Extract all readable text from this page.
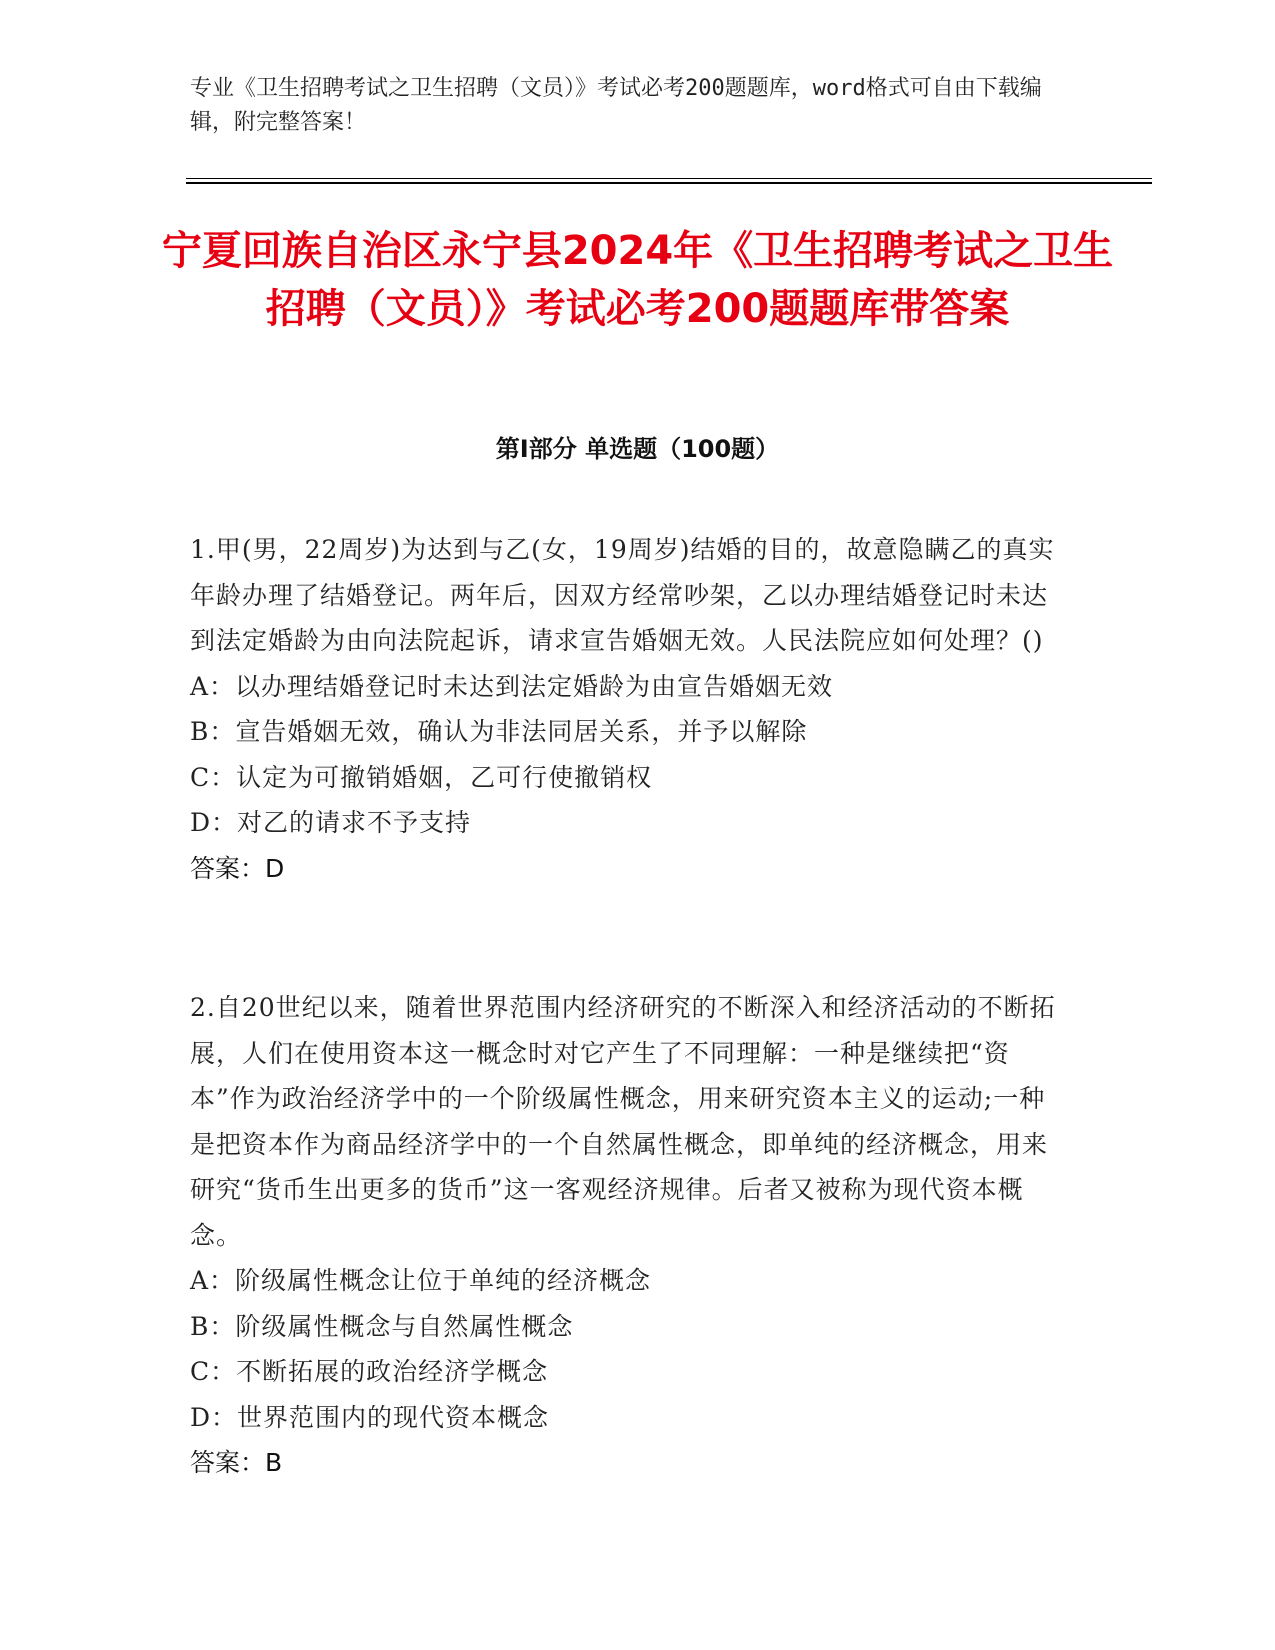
专业《卫生招聘考试之卫生招聘（文员）》考试必考200题题库，word格式可自由下载编辑，附完整答案！
宁夏回族自治区永宁县2024年《卫生招聘考试之卫生招聘（文员）》考试必考200题题库带答案
第I部分 单选题（100题）
1.甲(男，22周岁)为达到与乙(女，19周岁)结婚的目的，故意隐瞒乙的真实年龄办理了结婚登记。两年后，因双方经常吵架，乙以办理结婚登记时未达到法定婚龄为由向法院起诉，请求宣告婚姻无效。人民法院应如何处理？()
A：以办理结婚登记时未达到法定婚龄为由宣告婚姻无效
B：宣告婚姻无效，确认为非法同居关系，并予以解除
C：认定为可撤销婚姻，乙可行使撤销权
D：对乙的请求不予支持
答案：D
2.自20世纪以来，随着世界范围内经济研究的不断深入和经济活动的不断拓展，人们在使用资本这一概念时对它产生了不同理解：一种是继续把“资本”作为政治经济学中的一个阶级属性概念，用来研究资本主义的运动;一种是把资本作为商品经济学中的一个自然属性概念，即单纯的经济概念，用来研究“货币生出更多的货币”这一客观经济规律。后者又被称为现代资本概念。
A：阶级属性概念让位于单纯的经济概念
B：阶级属性概念与自然属性概念
C：不断拓展的政治经济学概念
D：世界范围内的现代资本概念
答案：B
